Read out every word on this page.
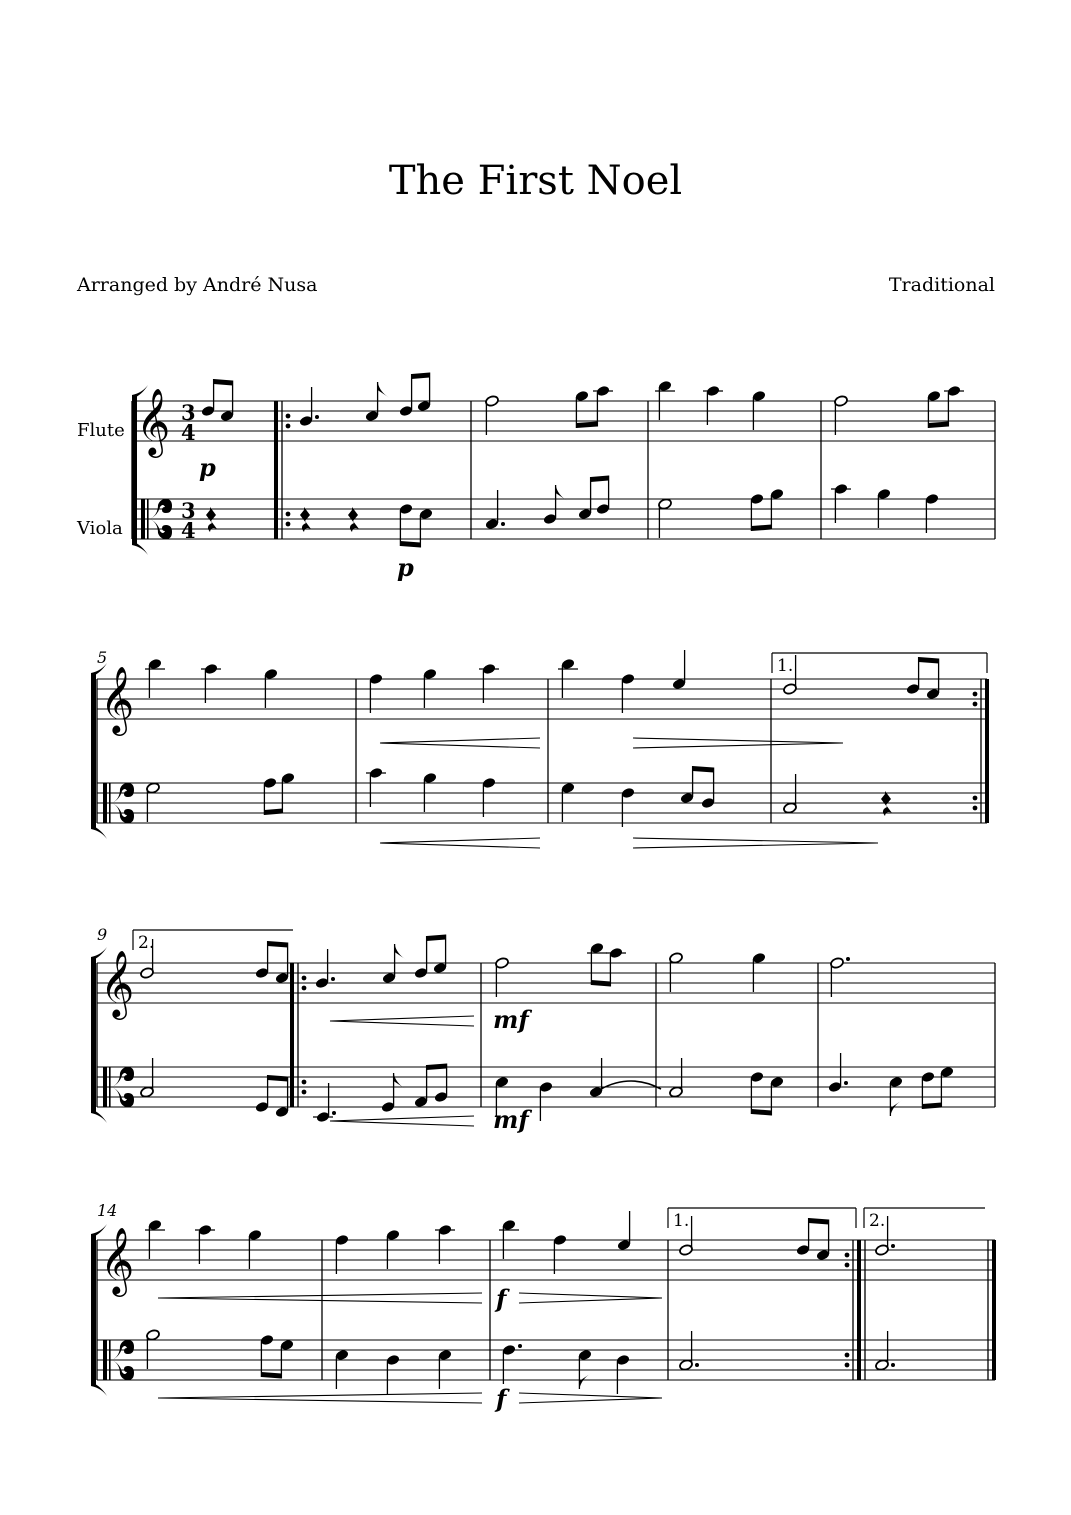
The First Noel
Arranged by André Nusa	Traditional
Flute
Viola
𝄞 3
4
3
4
p
p
5
𝄞	1.
9
𝄞
2.
mf
mf
14
𝄞
f
f
1.	2.
